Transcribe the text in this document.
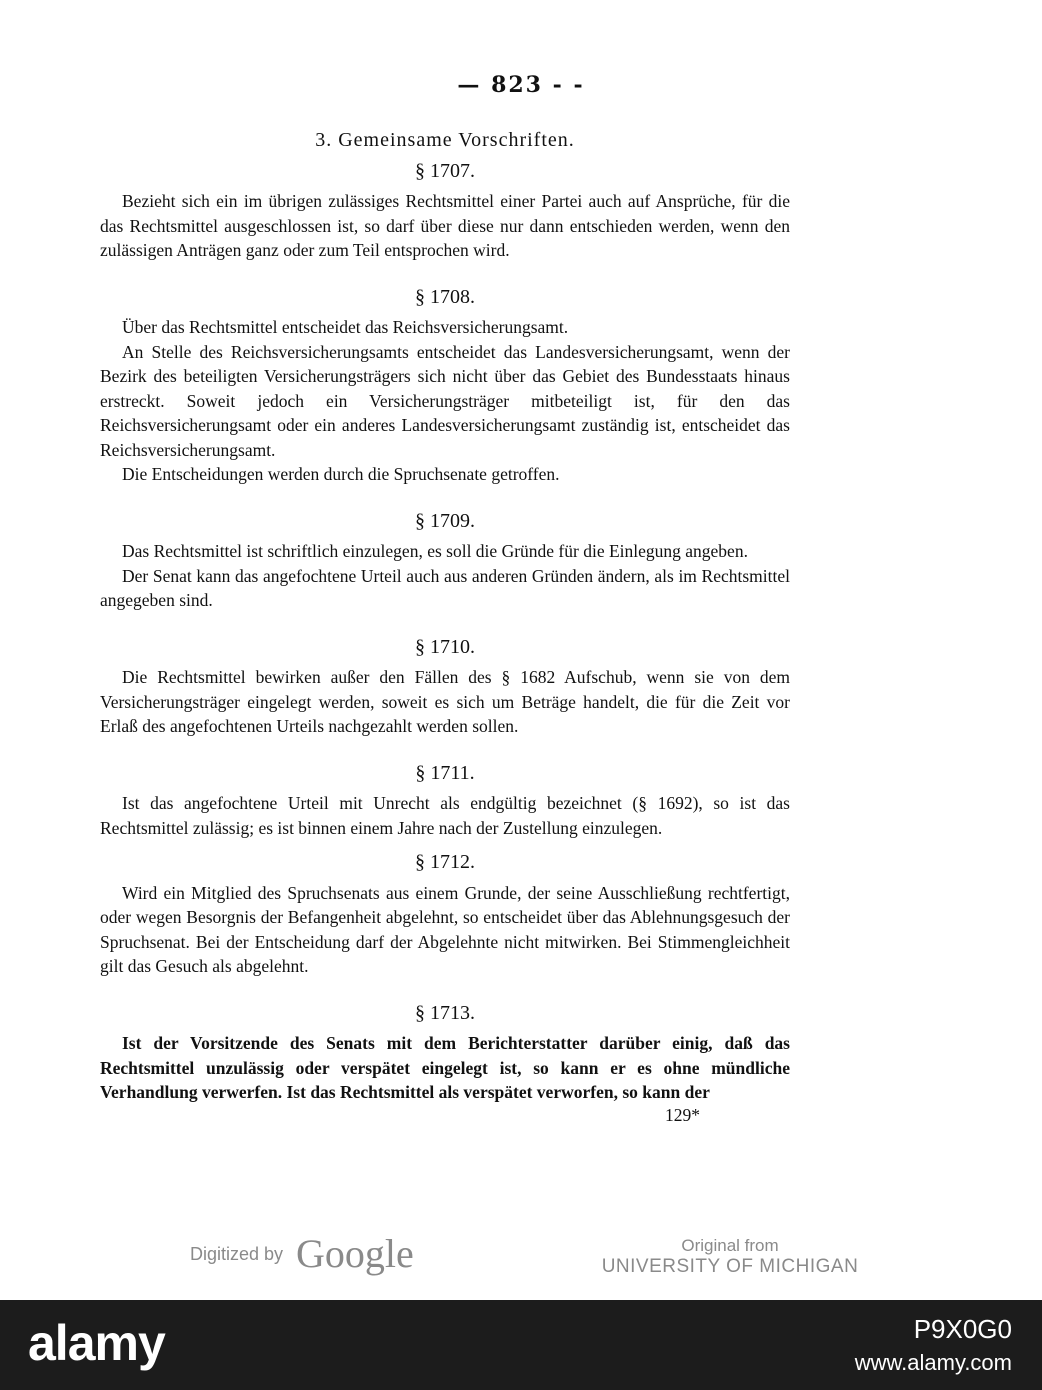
— 823 - -
3. Gemeinsame Vorschriften.
§ 1707.

Bezieht sich ein im übrigen zulässiges Rechtsmittel einer Partei auch auf Ansprüche, für die das Rechtsmittel ausgeschlossen ist, so darf über diese nur dann entschieden werden, wenn den zulässigen Anträgen ganz oder zum Teil entsprochen wird.

§ 1708.

Über das Rechtsmittel entscheidet das Reichsversicherungsamt.

An Stelle des Reichsversicherungsamts entscheidet das Landesversicherungsamt, wenn der Bezirk des beteiligten Versicherungsträgers sich nicht über das Gebiet des Bundesstaats hinaus erstreckt. Soweit jedoch ein Versicherungsträger mitbeteiligt ist, für den das Reichsversicherungsamt oder ein anderes Landesversicherungsamt zuständig ist, entscheidet das Reichsversicherungsamt.

Die Entscheidungen werden durch die Spruchsenate getroffen.

§ 1709.

Das Rechtsmittel ist schriftlich einzulegen, es soll die Gründe für die Einlegung angeben.

Der Senat kann das angefochtene Urteil auch aus anderen Gründen ändern, als im Rechtsmittel angegeben sind.

§ 1710.

Die Rechtsmittel bewirken außer den Fällen des § 1682 Aufschub, wenn sie von dem Versicherungsträger eingelegt werden, soweit es sich um Beträge handelt, die für die Zeit vor Erlaß des angefochtenen Urteils nachgezahlt werden sollen.

§ 1711.

Ist das angefochtene Urteil mit Unrecht als endgültig bezeichnet (§ 1692), so ist das Rechtsmittel zulässig; es ist binnen einem Jahre nach der Zustellung einzulegen.

§ 1712.

Wird ein Mitglied des Spruchsenats aus einem Grunde, der seine Ausschließung rechtfertigt, oder wegen Besorgnis der Befangenheit abgelehnt, so entscheidet über das Ablehnungsgesuch der Spruchsenat. Bei der Entscheidung darf der Abgelehnte nicht mitwirken. Bei Stimmengleichheit gilt das Gesuch als abgelehnt.

§ 1713.

Ist der Vorsitzende des Senats mit dem Berichterstatter darüber einig, daß das Rechtsmittel unzulässig oder verspätet eingelegt ist, so kann er es ohne mündliche Verhandlung verwerfen. Ist das Rechtsmittel als verspätet verworfen, so kann der

129*
Digitized by Google	Original from
UNIVERSITY OF MICHIGAN
alamy	P9X0G0
www.alamy.com
